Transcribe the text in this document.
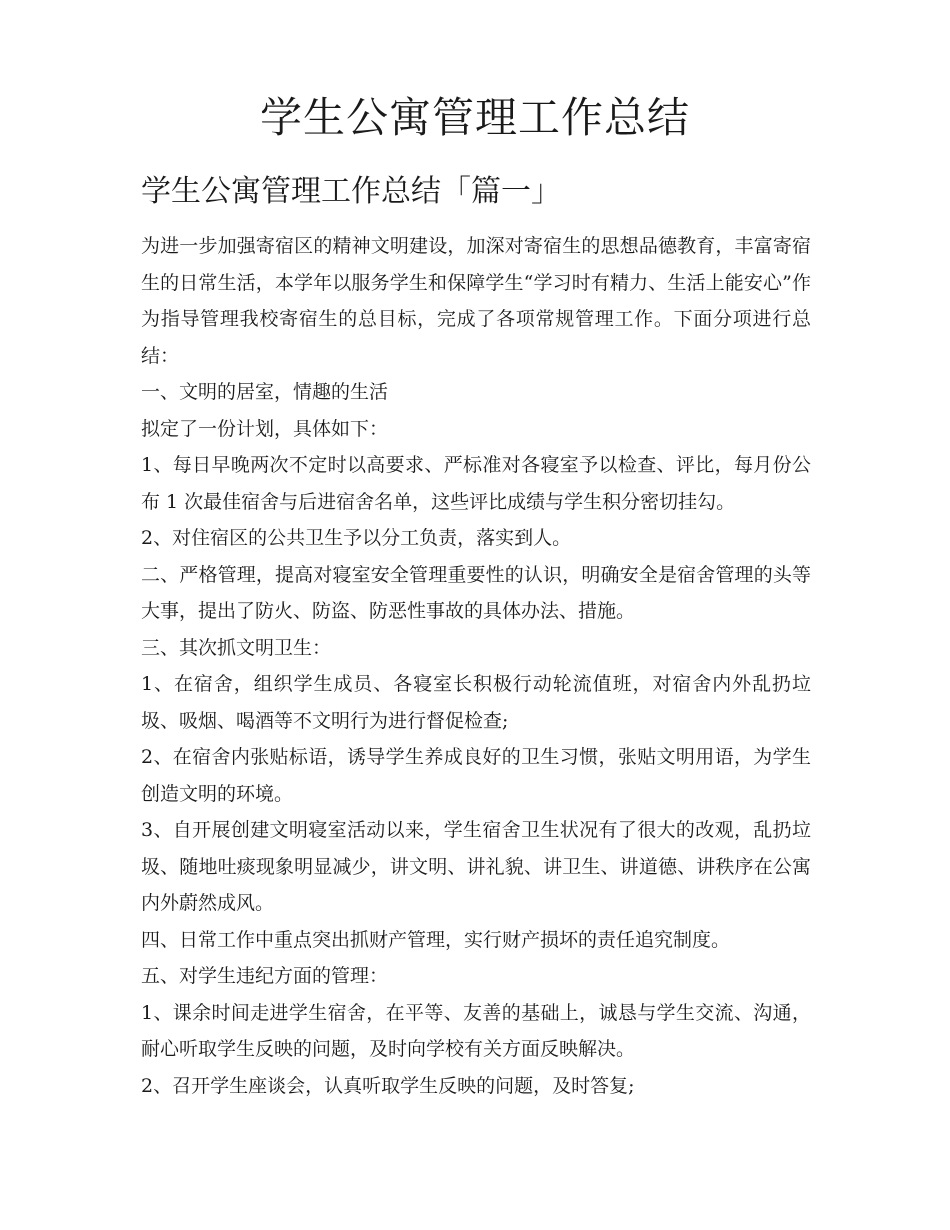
学生公寓管理工作总结
学生公寓管理工作总结「篇一」

为进一步加强寄宿区的精神文明建设，加深对寄宿生的思想品德教育，丰富寄宿生的日常生活，本学年以服务学生和保障学生“学习时有精力、生活上能安心”作为指导管理我校寄宿生的总目标，完成了各项常规管理工作。下面分项进行总结：

一、文明的居室，情趣的生活

拟定了一份计划，具体如下：

1、每日早晚两次不定时以高要求、严标准对各寝室予以检查、评比，每月份公布 1 次最佳宿舍与后进宿舍名单，这些评比成绩与学生积分密切挂勾。

2、对住宿区的公共卫生予以分工负责，落实到人。

二、严格管理，提高对寝室安全管理重要性的认识，明确安全是宿舍管理的头等大事，提出了防火、防盗、防恶性事故的具体办法、措施。

三、其次抓文明卫生：

1、在宿舍，组织学生成员、各寝室长积极行动轮流值班，对宿舍内外乱扔垃圾、吸烟、喝酒等不文明行为进行督促检查;

2、在宿舍内张贴标语，诱导学生养成良好的卫生习惯，张贴文明用语，为学生创造文明的环境。

3、自开展创建文明寝室活动以来，学生宿舍卫生状况有了很大的改观，乱扔垃圾、随地吐痰现象明显减少，讲文明、讲礼貌、讲卫生、讲道德、讲秩序在公寓内外蔚然成风。

四、日常工作中重点突出抓财产管理，实行财产损坏的责任追究制度。

五、对学生违纪方面的管理：

1、课余时间走进学生宿舍，在平等、友善的基础上，诚恳与学生交流、沟通，耐心听取学生反映的问题，及时向学校有关方面反映解决。

2、召开学生座谈会，认真听取学生反映的问题，及时答复;
